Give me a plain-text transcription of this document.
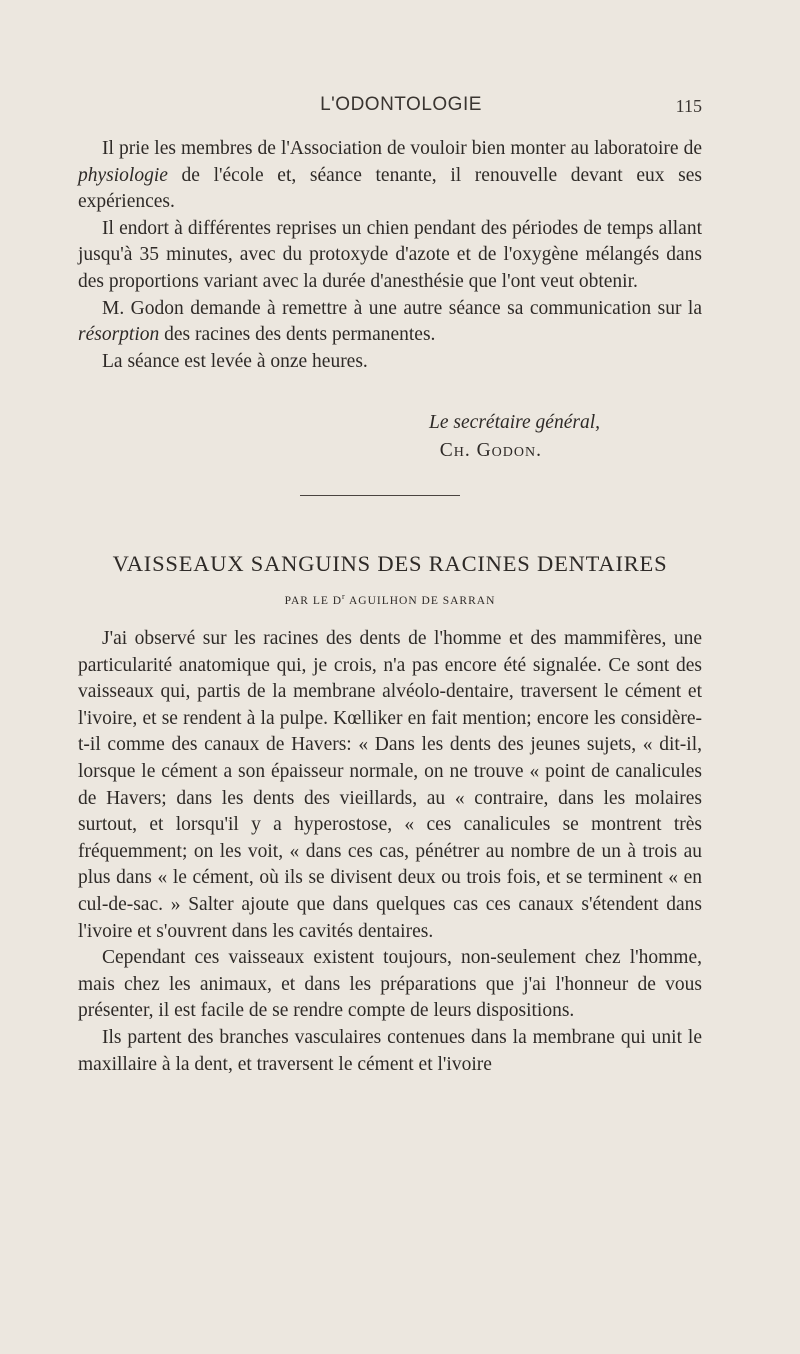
L'ODONTOLOGIE	115

Il prie les membres de l'Association de vouloir bien monter au laboratoire de physiologie de l'école et, séance tenante, il renouvelle devant eux ses expériences.

Il endort à différentes reprises un chien pendant des périodes de temps allant jusqu'à 35 minutes, avec du protoxyde d'azote et de l'oxygène mélangés dans des proportions variant avec la durée d'anesthésie que l'ont veut obtenir.

M. Godon demande à remettre à une autre séance sa communication sur la résorption des racines des dents permanentes.

La séance est levée à onze heures.

Le secrétaire général,
Ch. Godon.
VAISSEAUX SANGUINS DES RACINES DENTAIRES
PAR LE $D^r$ AGUILHON DE SARRAN

J'ai observé sur les racines des dents de l'homme et des mammifères, une particularité anatomique qui, je crois, n'a pas encore été signalée. Ce sont des vaisseaux qui, partis de la membrane alvéolo-dentaire, traversent le cément et l'ivoire, et se rendent à la pulpe. Kœlliker en fait mention; encore les considère-t-il comme des canaux de Havers: « Dans les dents des jeunes sujets, « dit-il, lorsque le cément a son épaisseur normale, on ne trouve « point de canalicules de Havers; dans les dents des vieillards, au « contraire, dans les molaires surtout, et lorsqu'il y a hyperostose, « ces canalicules se montrent très fréquemment; on les voit, « dans ces cas, pénétrer au nombre de un à trois au plus dans « le cément, où ils se divisent deux ou trois fois, et se terminent « en cul-de-sac. » Salter ajoute que dans quelques cas ces canaux s'étendent dans l'ivoire et s'ouvrent dans les cavités dentaires.

Cependant ces vaisseaux existent toujours, non-seulement chez l'homme, mais chez les animaux, et dans les préparations que j'ai l'honneur de vous présenter, il est facile de se rendre compte de leurs dispositions.

Ils partent des branches vasculaires contenues dans la membrane qui unit le maxillaire à la dent, et traversent le cément et l'ivoire
